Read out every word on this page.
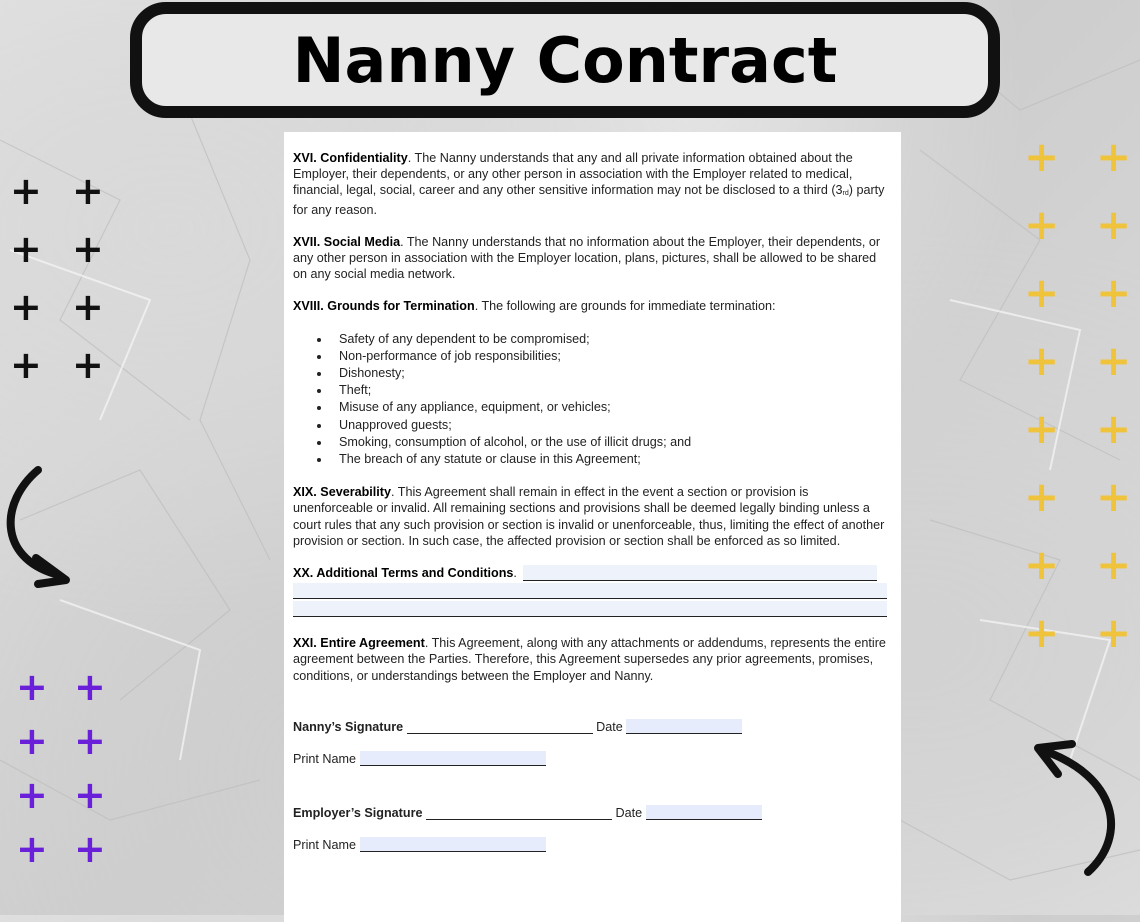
Nanny Contract
+ +
+ +
+ +
+ +
+ +
+ +
+ +
+ +
+ +
+ +
+ +
+ +
+ +
+ +
+ +
+ +

XVI. Confidentiality. The Nanny understands that any and all private information obtained about the Employer, their dependents, or any other person in association with the Employer related to medical, financial, legal, social, career and any other sensitive information may not be disclosed to a third $(3_{rd})$ party for any reason.

XVII. Social Media. The Nanny understands that no information about the Employer, their dependents, or any other person in association with the Employer location, plans, pictures, shall be allowed to be shared on any social media network.

XVIII. Grounds for Termination. The following are grounds for immediate termination:

Safety of any dependent to be compromised;
Non-performance of job responsibilities;
Dishonesty;
Theft;
Misuse of any appliance, equipment, or vehicles;
Unapproved guests;
Smoking, consumption of alcohol, or the use of illicit drugs; and
The breach of any statute or clause in this Agreement;

XIX. Severability. This Agreement shall remain in effect in the event a section or provision is unenforceable or invalid. All remaining sections and provisions shall be deemed legally binding unless a court rules that any such provision or section is invalid or unenforceable, thus, limiting the effect of another provision or section. In such case, the affected provision or section shall be enforced as so limited.

XX. Additional Terms and Conditions .

XXI. Entire Agreement. This Agreement, along with any attachments or addendums, represents the entire agreement between the Parties. Therefore, this Agreement supersedes any prior agreements, promises, conditions, or understandings between the Employer and Nanny.

Nanny’s Signature	Date
Print Name
Employer’s Signature	Date
Print Name
